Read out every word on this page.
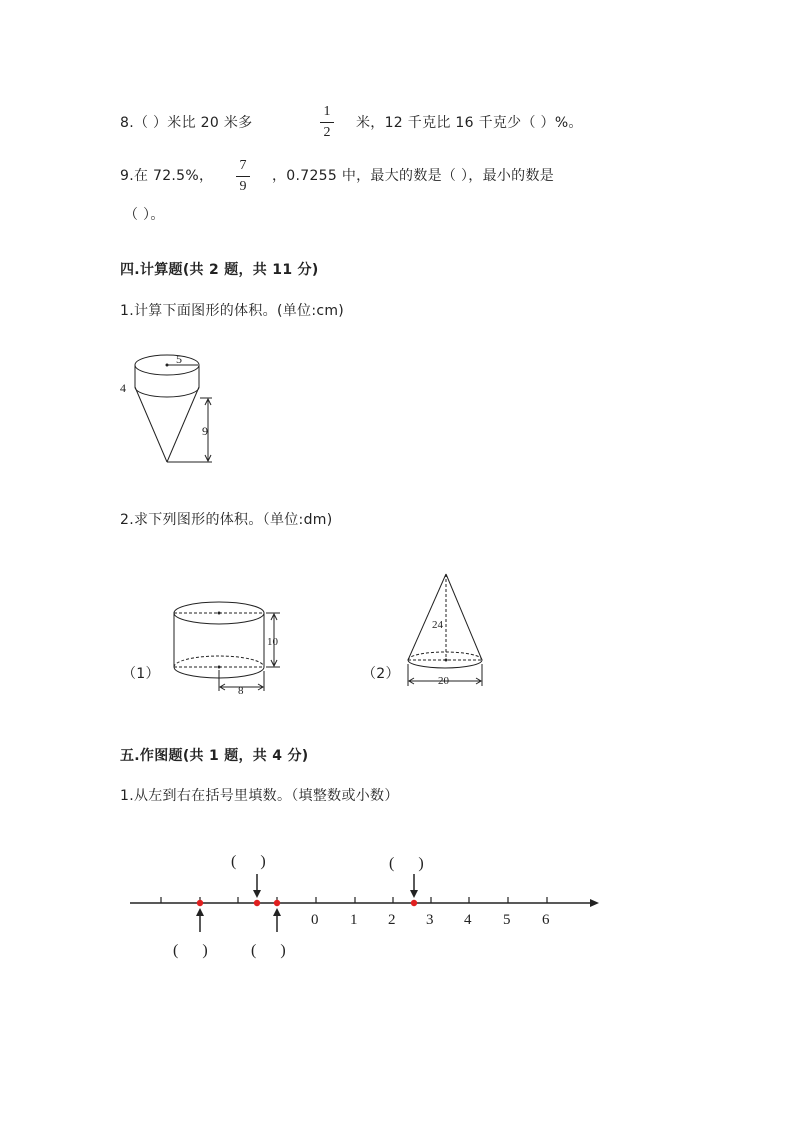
8.（ ）米比 20 米多
1
2
米，12 千克比 16 千克少（ ）%。
9.在 72.5%，
7
9
，0.7255 中，最大的数是（ ），最小的数是
（ ）。
四.计算题(共 2 题，共 11 分)
1.计算下面图形的体积。(单位:cm)
5
4
9
2.求下列图形的体积。（单位:dm)
（1）
10
8
（2）
24
20
五.作图题(共 1 题，共 4 分)
1.从左到右在括号里填数。（填整数或小数）
0 1 2 3 4 5 6
(      )	(      )
(      )	(      )
